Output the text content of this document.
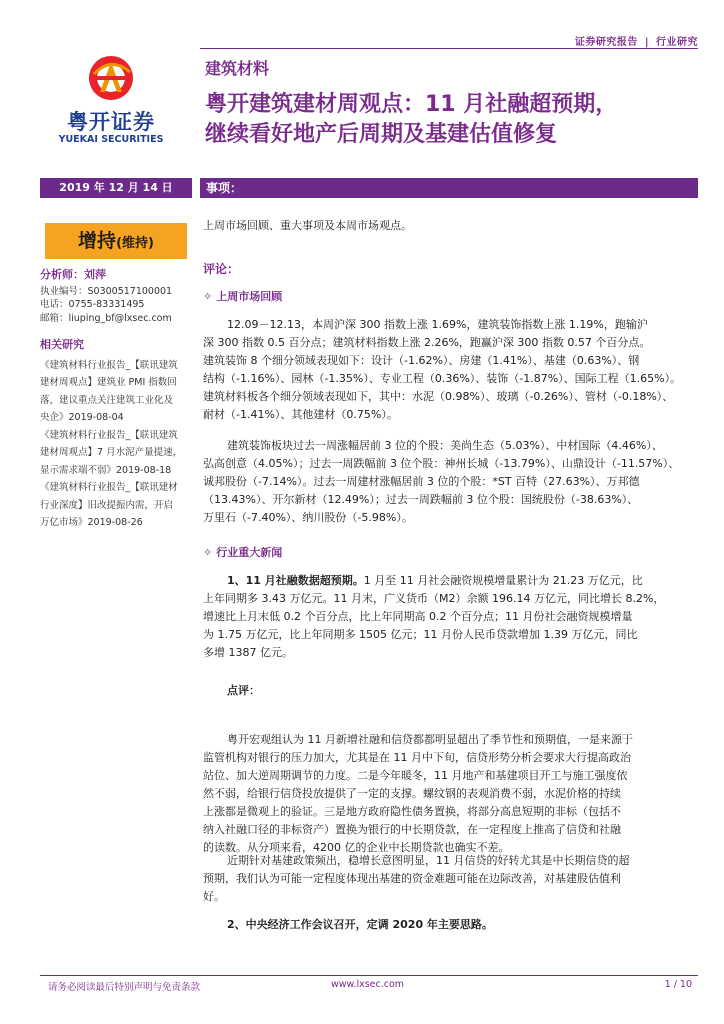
证券研究报告 | 行业研究
粤开证券
YUEKAI SECURITIES
建筑材料
粤开建筑建材周观点：11 月社融超预期，
继续看好地产后周期及基建估值修复
2019 年 12 月 14 日	事项：
增持(维持)
分析师：刘萍
执业编号：S0300517100001
电话：0755-83331495
邮箱：liuping_bf@lxsec.com
相关研究
《建筑材料行业报告_【联讯建筑
建材周观点】建筑业 PMI 指数回
落，建议重点关注建筑工业化及
央企》2019-08-04
《建筑材料行业报告_【联讯建筑
建材周观点】7 月水泥产量提速，
显示需求端不弱》2019-08-18
《建筑材料行业报告_【联讯建材
行业深度】旧改提振内需，开启
万亿市场》2019-08-26
上周市场回顾、重大事项及本周市场观点。
评论：
✧ 上周市场回顾
12.09－12.13，本周沪深 300 指数上涨 1.69%，建筑装饰指数上涨 1.19%，跑输沪
深 300 指数 0.5 百分点；建筑材料指数上涨 2.26%，跑赢沪深 300 指数 0.57 个百分点。
建筑装饰 8 个细分领域表现如下：设计（-1.62%）、房建（1.41%）、基建（0.63%）、钢
结构（-1.16%）、园林（-1.35%）、专业工程（0.36%）、装饰（-1.87%）、国际工程（1.65%）。
建筑材料板各个细分领域表现如下，其中：水泥（0.98%）、玻璃（-0.26%）、管材（-0.18%）、
耐材（-1.41%）、其他建材（0.75%）。
建筑装饰板块过去一周涨幅居前 3 位的个股：美尚生态（5.03%）、中材国际（4.46%）、
弘高创意（4.05%）；过去一周跌幅前 3 位个股：神州长城（-13.79%）、山鼎设计（-11.57%）、
诚邦股份（-7.14%）。过去一周建材涨幅居前 3 位的个股：*ST 百特（27.63%）、万邦德
（13.43%）、开尔新材（12.49%）；过去一周跌幅前 3 位个股：国统股份（-38.63%）、
万里石（-7.40%）、纳川股份（-5.98%）。
✧ 行业重大新闻
1、11 月社融数据超预期。1 月至 11 月社会融资规模增量累计为 21.23 万亿元，比
上年同期多 3.43 万亿元。11 月末，广义货币（M2）余额 196.14 万亿元，同比增长 8.2%，
增速比上月末低 0.2 个百分点，比上年同期高 0.2 个百分点；11 月份社会融资规模增量
为 1.75 万亿元，比上年同期多 1505 亿元；11 月份人民币贷款增加 1.39 万亿元，同比
多增 1387 亿元。
点评：
粤开宏观组认为 11 月新增社融和信贷都都明显超出了季节性和预期值，一是来源于
监管机构对银行的压力加大，尤其是在 11 月中下旬，信贷形势分析会要求大行提高政治
站位、加大逆周期调节的力度。二是今年暖冬，11 月地产和基建项目开工与施工强度依
然不弱，给银行信贷投放提供了一定的支撑。螺纹钢的表观消费不弱，水泥价格的持续
上涨都是微观上的验证。三是地方政府隐性债务置换，将部分高息短期的非标（包括不
纳入社融口径的非标资产）置换为银行的中长期贷款，在一定程度上推高了信贷和社融
的读数。从分项来看，4200 亿的企业中长期贷款也确实不差。
近期针对基建政策频出，稳增长意图明显，11 月信贷的好转尤其是中长期信贷的超
预期，我们认为可能一定程度体现出基建的资金难题可能在边际改善，对基建股估值利
好。
2、中央经济工作会议召开，定调 2020 年主要思路。
请务必阅读最后特别声明与免责条款	www.lxsec.com	1 / 10
